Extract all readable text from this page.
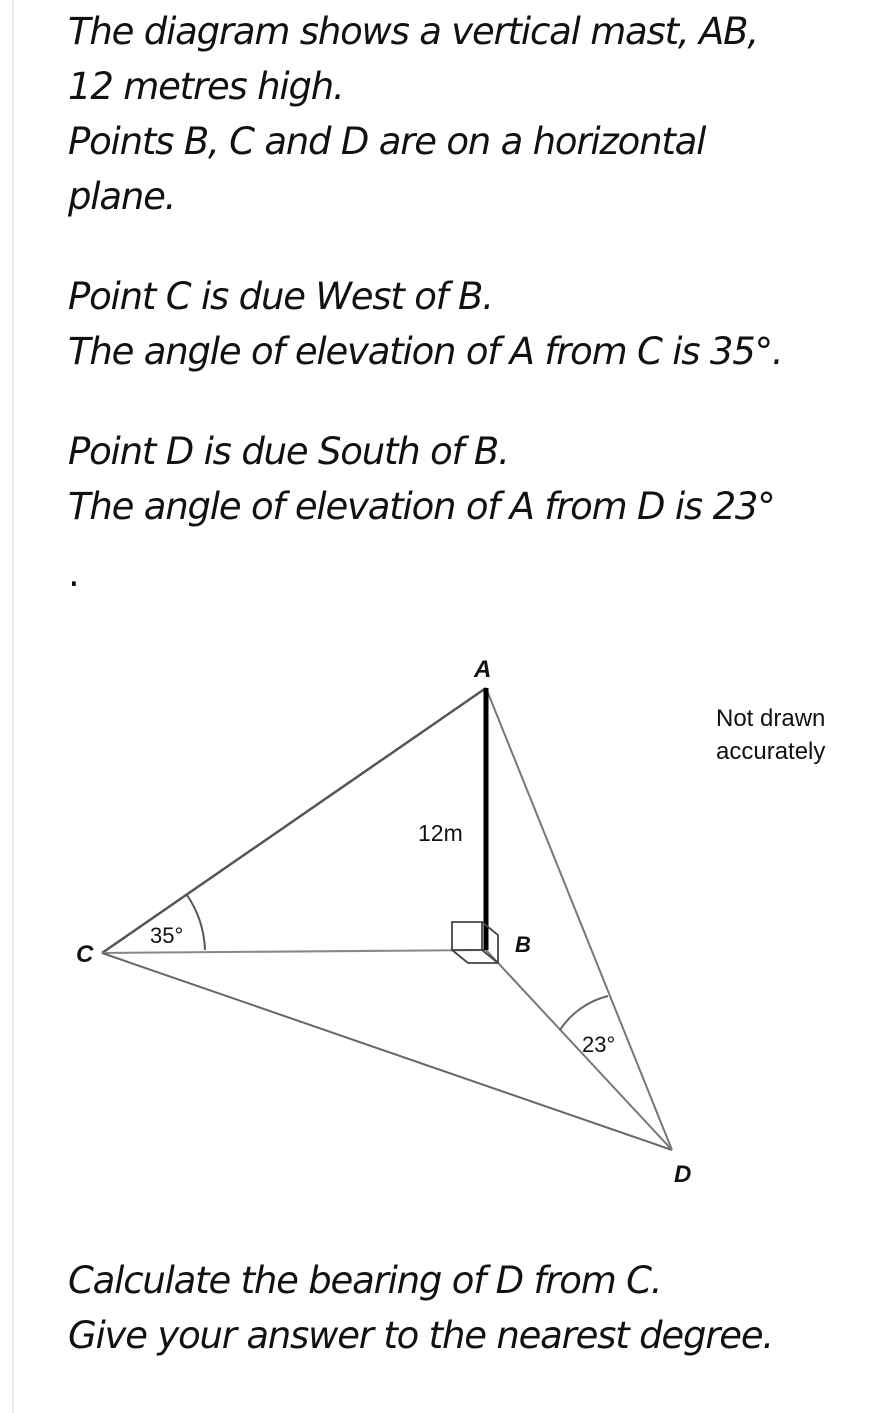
The diagram shows a vertical mast, AB,

12 metres high.

Points B, C and D are on a horizontal

plane.

Point C is due West of B.

The angle of elevation of A from C is 35°.

Point D is due South of B.

The angle of elevation of A from D is 23°

.
A
B
C
D
12m
35°
23°
Not drawn
accurately

Calculate the bearing of D from C.

Give your answer to the nearest degree.
